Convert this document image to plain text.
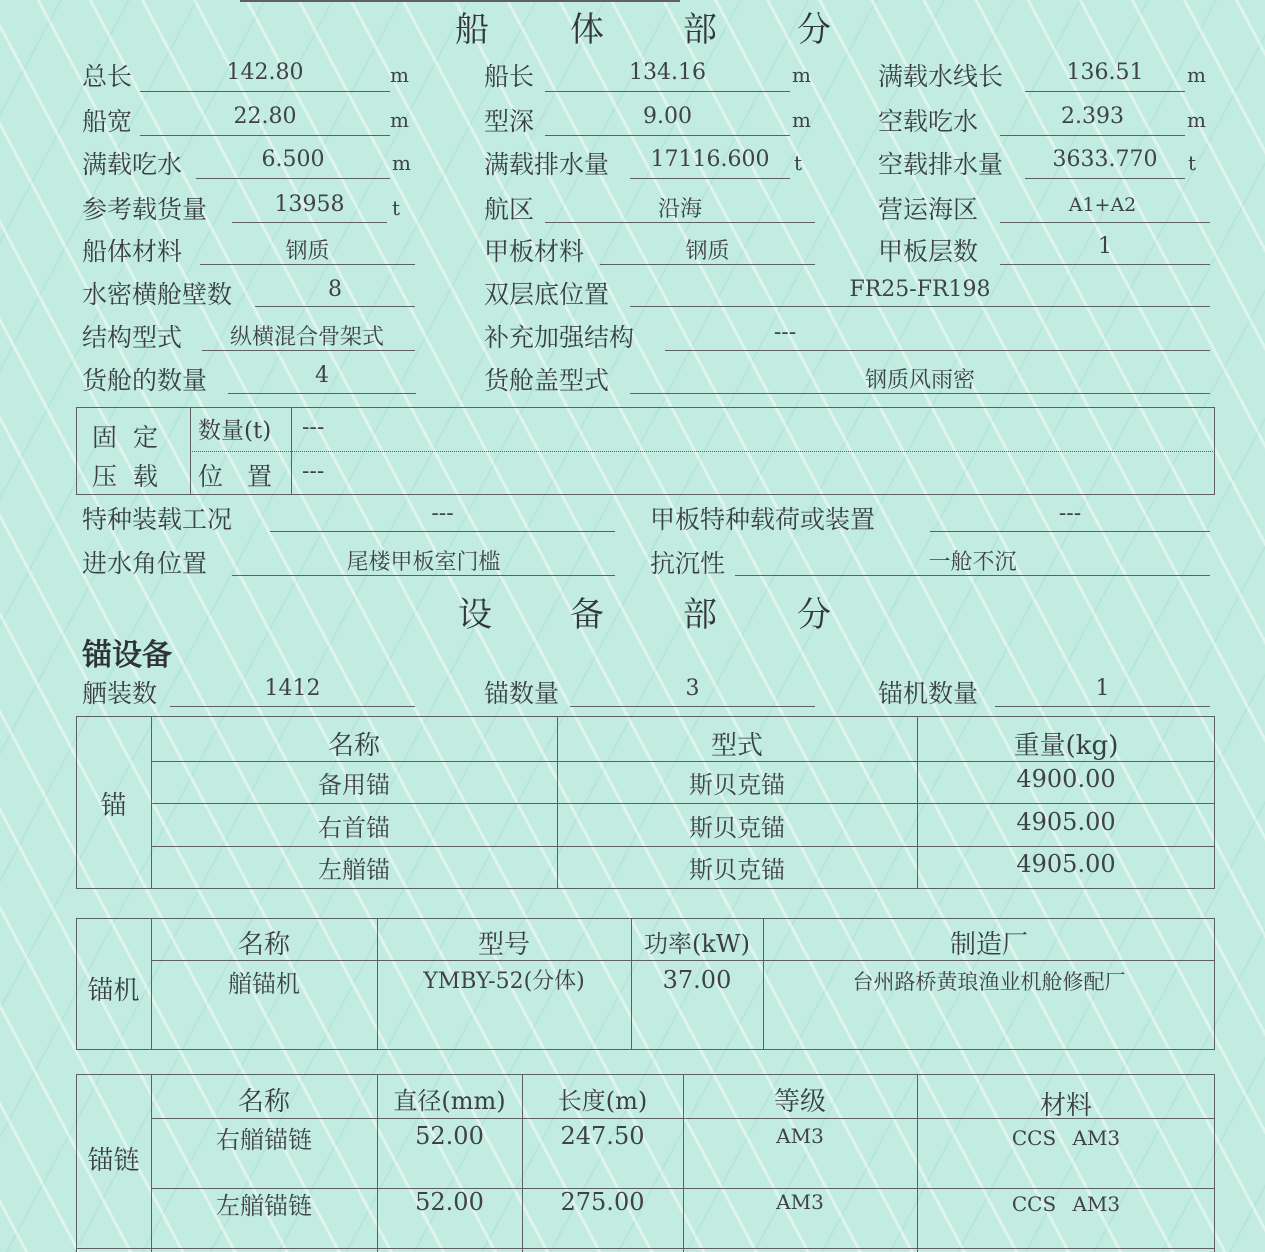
船 体 部 分
总长	142.80	m	船长	134.16	m	满载水线长	136.51	m
船宽	22.80	m	型深	9.00	m	空载吃水	2.393	m
满载吃水	6.500	m	满载排水量	17116.600	t	空载排水量	3633.770	t
参考载货量	13958	t	航区	沿海	营运海区	A1+A2
船体材料	钢质	甲板材料	钢质	甲板层数	1
水密横舱壁数	8	双层底位置	FR25-FR198
结构型式	纵横混合骨架式	补充加强结构	---
货舱的数量	4	货舱盖型式	钢质风雨密
固 定
压 载
数量(t) ---
位 置 ---
特种装载工况	---	甲板特种载荷或装置	---
进水角位置	尾楼甲板室门槛	抗沉性	一舱不沉
设 备 部 分
锚设备
舾装数	1412	锚数量	3	锚机数量	1
锚
名称	型式	重量(kg)
备用锚	斯贝克锚	4900.00
右首锚	斯贝克锚	4905.00
左艏锚	斯贝克锚	4905.00
锚机
名称	型号	功率(kW)	制造厂
艏锚机	YMBY-52(分体)	37.00	台州路桥黄琅渔业机舱修配厂
锚链
名称	直径(mm)	长度(m)	等级	材料
右艏锚链	52.00	247.50	AM3	CCS AM3
左艏锚链	52.00	275.00	AM3	CCS AM3
